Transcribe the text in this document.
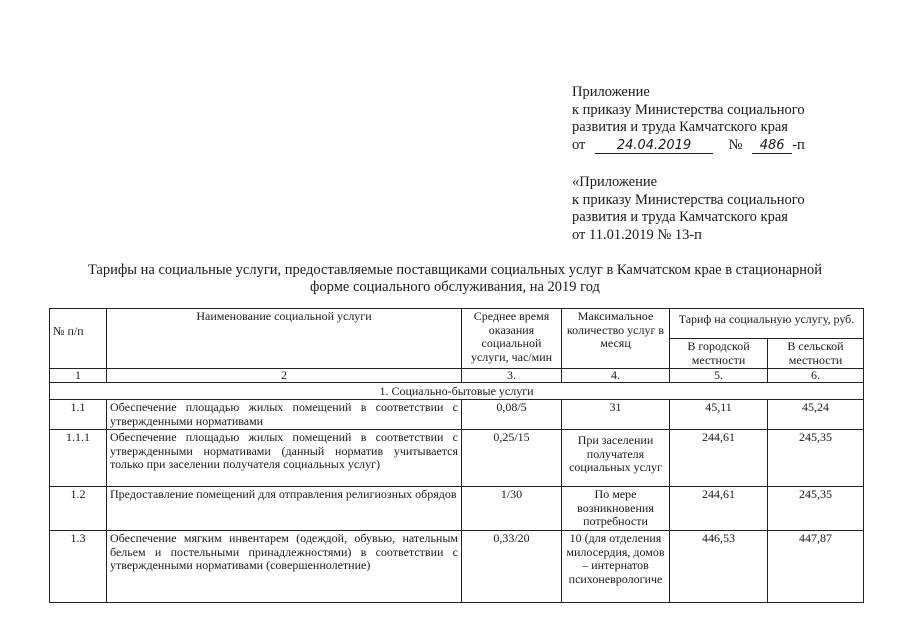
Приложение
к приказу Министерства социального
развития и труда Камчатского края
от 24.04.2019	№ 486 -п
«Приложение
к приказу Министерства социального
развития и труда Камчатского края
от 11.01.2019 № 13-п
Тарифы на социальные услуги, предоставляемые поставщиками социальных услуг в Камчатском крае в стационарной
форме социального обслуживания, на 2019 год
№ п/п	Наименование социальной услуги	Среднее время оказания социальной услуги, час/мин	Максимальное количество услуг в месяц	Тариф на социальную услугу, руб.	
				В городской местности	В сельской местности
1	2	3.	4.	5.	6.
1. Социально-бытовые услуги					
1.1	Обеспечение площадью жилых помещений в соответствии с утвержденными нормативами	0,08/5	31	45,11	45,24
1.1.1	Обеспечение площадью жилых помещений в соответствии с утвержденными нормативами (данный норматив учитывается только при заселении получателя социальных услуг)	0,25/15	При заселении получателя социальных услуг	244,61	245,35
1.2	Предоставление помещений для отправления религиозных обрядов	1/30	По мере возникновения потребности	244,61	245,35
1.3	Обеспечение мягким инвентарем (одеждой, обувью, нательным бельем и постельными принадлежностями) в соответствии с утвержденными нормативами (совершеннолетние)	0,33/20	10 (для отделения милосердия, домов – интернатов психоневрологиче	446,53	447,87
